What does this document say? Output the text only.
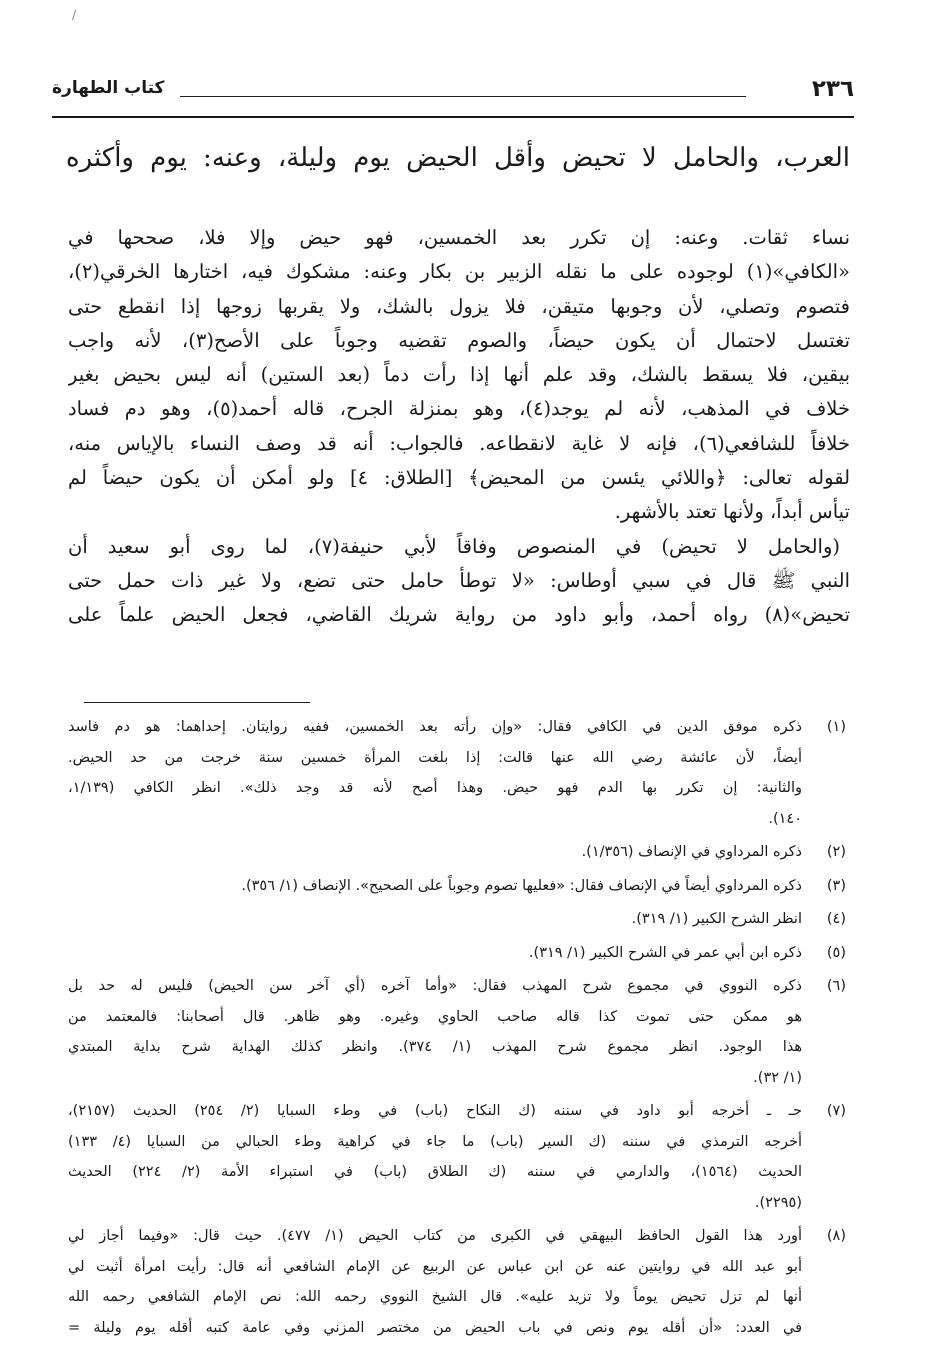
/
٢٣٦
كتاب الطهارة
العرب، والحامل لا تحيض وأقل الحيض يوم وليلة، وعنه: يوم وأكثره
نساء ثقات. وعنه: إن تكرر بعد الخمسين، فهو حيض وإلا فلا، صححها في
«الكافي»(١) لوجوده على ما نقله الزبير بن بكار وعنه: مشكوك فيه، اختارها الخرقي(٢)،
فتصوم وتصلي، لأن وجوبها متيقن، فلا يزول بالشك، ولا يقربها زوجها إذا انقطع حتى
تغتسل لاحتمال أن يكون حيضاً، والصوم تقضيه وجوباً على الأصح(٣)، لأنه واجب
بيقين، فلا يسقط بالشك، وقد علم أنها إذا رأت دماً (بعد الستين) أنه ليس بحيض بغير
خلاف في المذهب، لأنه لم يوجد(٤)، وهو بمنزلة الجرح، قاله أحمد(٥)، وهو دم فساد
خلافاً للشافعي(٦)، فإنه لا غاية لانقطاعه. فالجواب: أنه قد وصف النساء بالإياس منه،
لقوله تعالى: ﴿واللائي يئسن من المحيض﴾ [الطلاق: ٤] ولو أمكن أن يكون حيضاً لم
تيأس أبداً، ولأنها تعتد بالأشهر.
(والحامل لا تحيض) في المنصوص وفاقاً لأبي حنيفة(٧)، لما روى أبو سعيد أن
النبي ﷺ قال في سبي أوطاس: «لا توطأ حامل حتى تضع، ولا غير ذات حمل حتى
تحيض»(٨) رواه أحمد، وأبو داود من رواية شريك القاضي، فجعل الحيض علماً على
(١)
ذكره موفق الدين في الكافي فقال: «وإن رأته بعد الخمسين، ففيه روايتان. إحداهما: هو دم فاسد
أيضاً، لأن عائشة رضي الله عنها قالت: إذا بلغت المرأة خمسين سنة خرجت من حد الحيض.
والثانية: إن تكرر بها الدم فهو حيض. وهذا أصح لأنه قد وجد ذلك». انظر الكافي (١/١٣٩،
١٤٠).
(٢)
ذكره المرداوي في الإنصاف (١/٣٥٦).
(٣)
ذكره المرداوي أيضاً في الإنصاف فقال: «فعليها تصوم وجوباً على الصحيح». الإنصاف (١/ ٣٥٦).
(٤)
انظر الشرح الكبير (١/ ٣١٩).
(٥)
ذكره ابن أبي عمر في الشرح الكبير (١/ ٣١٩).
(٦)
ذكره النووي في مجموع شرح المهذب فقال: «وأما آخره (أي آخر سن الحيض) فليس له حد بل
هو ممكن حتى تموت كذا قاله صاحب الحاوي وغيره. وهو ظاهر. قال أصحابنا: فالمعتمد من
هذا الوجود. انظر مجموع شرح المهذب (١/ ٣٧٤). وانظر كذلك الهداية شرح بداية المبتدي
(١/ ٣٢).
(٧)
حـ ـ أخرجه أبو داود في سننه (ك النكاح (باب) في وطء السبايا (٢/ ٢٥٤) الحديث (٢١٥٧)،
أخرجه الترمذي في سننه (ك السير (باب) ما جاء في كراهية وطء الحبالي من السبايا (٤/ ١٣٣)
الحديث (١٥٦٤)، والدارمي في سننه (ك الطلاق (باب) في استبراء الأمة (٢/ ٢٢٤) الحديث
(٢٢٩٥).
(٨)
أورد هذا القول الحافظ البيهقي في الكبرى من كتاب الحيض (١/ ٤٧٧). حيث قال: «وفيما أجاز لي
أبو عبد الله في روايتين عنه عن ابن عباس عن الربيع عن الإمام الشافعي أنه قال: رأيت امرأة أثبت لي
أنها لم تزل تحيض يوماً ولا تزيد عليه». قال الشيخ النووي رحمه الله: نص الإمام الشافعي رحمه الله
في العدد: «أن أقله يوم ونص في باب الحيض من مختصر المزني وفي عامة كتبه أقله يوم وليلة =
